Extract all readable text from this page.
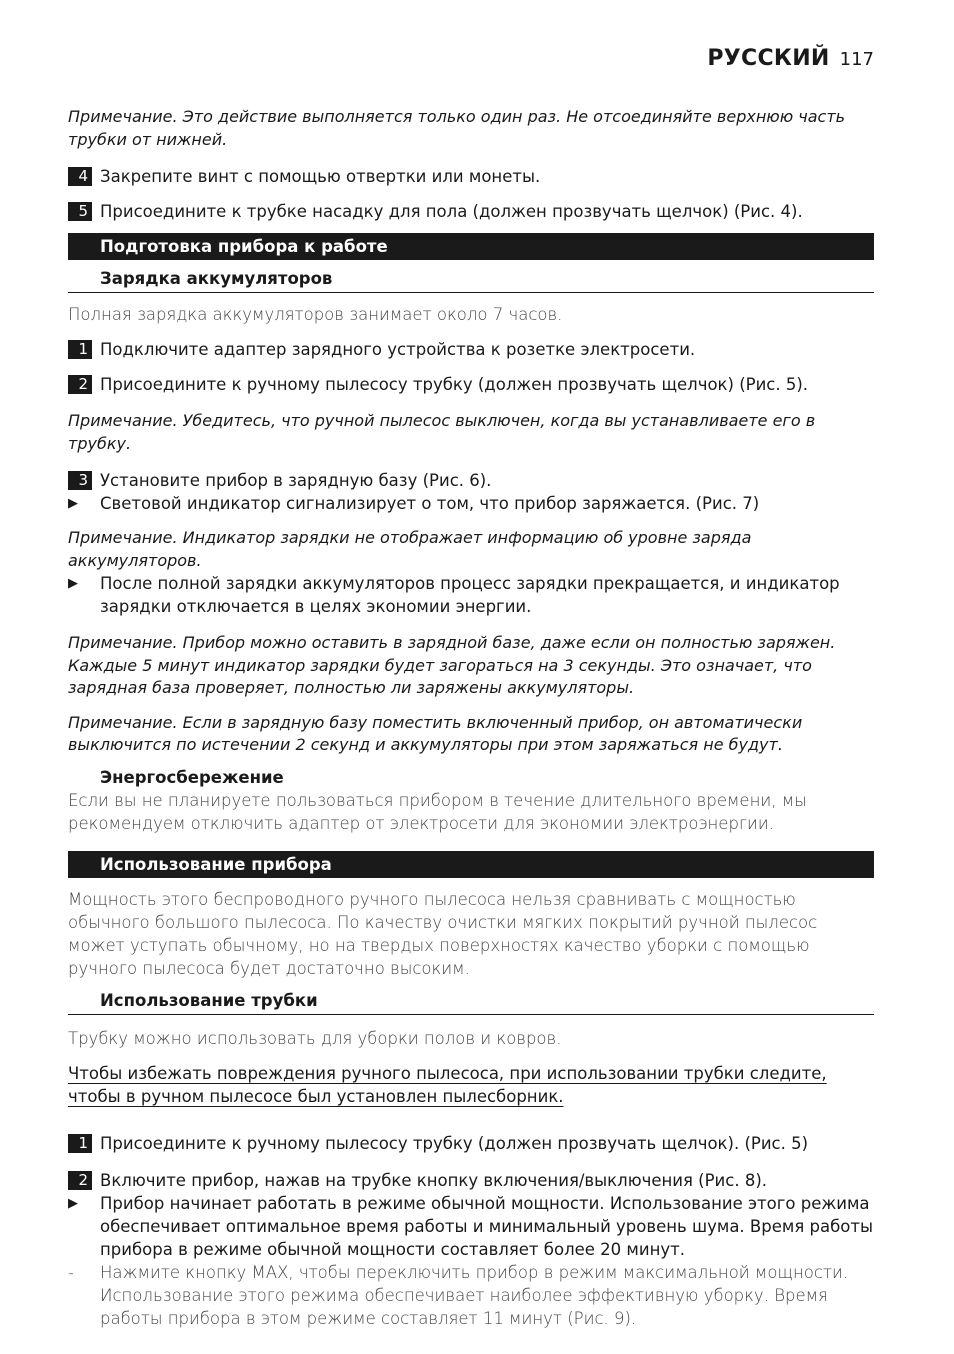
РУССКИЙ 117

Примечание. Это действие выполняется только один раз. Не отсоединяйте верхнюю часть трубки от нижней.

4 Закрепите винт с помощью отвертки или монеты.
5 Присоедините к трубке насадку для пола (должен прозвучать щелчок) (Рис. 4).
Подготовка прибора к работе
Зарядка аккумуляторов

Полная зарядка аккумуляторов занимает около 7 часов.

1 Подключите адаптер зарядного устройства к розетке электросети.
2 Присоедините к ручному пылесосу трубку (должен прозвучать щелчок) (Рис. 5).

Примечание. Убедитесь, что ручной пылесос выключен, когда вы устанавливаете его в трубку.

3 Установите прибор в зарядную базу (Рис. 6).
▶	Световой индикатор сигнализирует о том, что прибор заряжается. (Рис. 7)

Примечание. Индикатор зарядки не отображает информацию об уровне заряда аккумуляторов.

▶	После полной зарядки аккумуляторов процесс зарядки прекращается, и индикатор зарядки отключается в целях экономии энергии.

Примечание. Прибор можно оставить в зарядной базе, даже если он полностью заряжен. Каждые 5 минут индикатор зарядки будет загораться на 3 секунды. Это означает, что зарядная база проверяет, полностью ли заряжены аккумуляторы.

Примечание. Если в зарядную базу поместить включенный прибор, он автоматически выключится по истечении 2 секунд и аккумуляторы при этом заряжаться не будут.

Энергосбережение

Если вы не планируете пользоваться прибором в течение длительного времени, мы рекомендуем отключить адаптер от электросети для экономии электроэнергии.

Использование прибора

Мощность этого беспроводного ручного пылесоса нельзя сравнивать с мощностью обычного большого пылесоса. По качеству очистки мягких покрытий ручной пылесос может уступать обычному, но на твердых поверхностях качество уборки с помощью ручного пылесоса будет достаточно высоким.

Использование трубки

Трубку можно использовать для уборки полов и ковров.

Чтобы избежать повреждения ручного пылесоса, при использовании трубки следите, чтобы в ручном пылесосе был установлен пылесборник.

1 Присоедините к ручному пылесосу трубку (должен прозвучать щелчок). (Рис. 5)
2 Включите прибор, нажав на трубке кнопку включения/выключения (Рис. 8).
▶	Прибор начинает работать в режиме обычной мощности. Использование этого режима обеспечивает оптимальное время работы и минимальный уровень шума. Время работы прибора в режиме обычной мощности составляет более 20 минут.
-	Нажмите кнопку MAX, чтобы переключить прибор в режим максимальной мощности. Использование этого режима обеспечивает наиболее эффективную уборку. Время работы прибора в этом режиме составляет 11 минут (Рис. 9).
